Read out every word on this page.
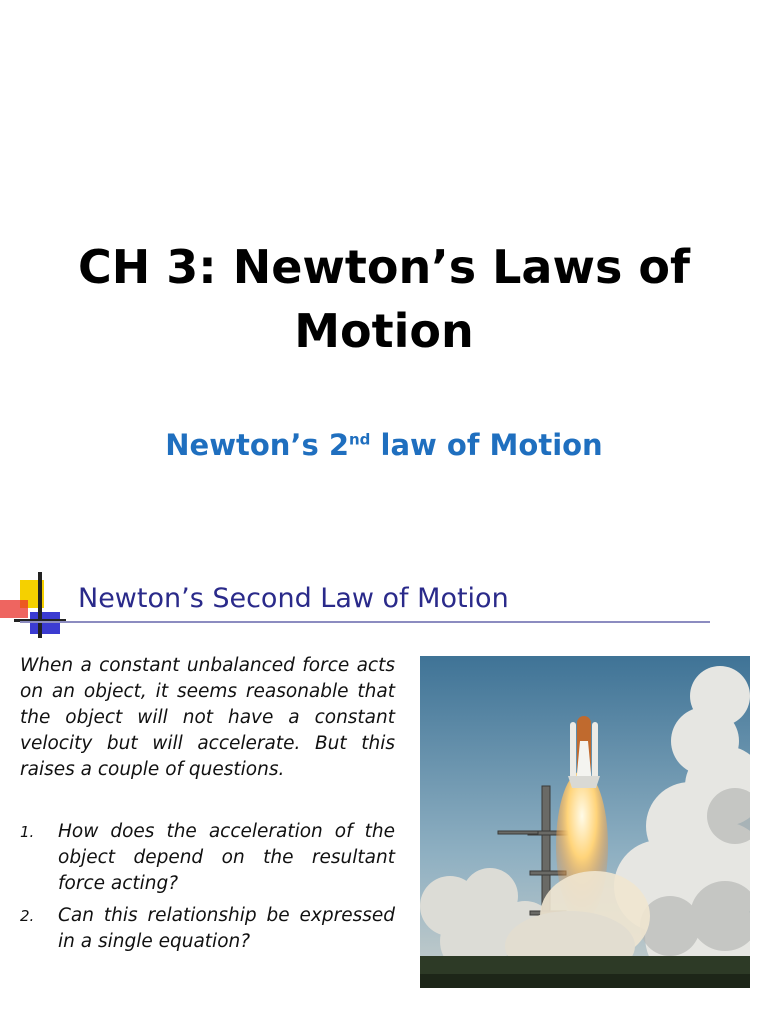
CH 3: Newton’s Laws of Motion
Newton’s 2nd law of Motion
Newton’s Second Law of Motion
When a constant unbalanced force acts on an object, it seems reasonable that the object will not have a constant velocity but will accelerate. But this raises a couple of questions.
1. How does the acceleration of the object depend on the resultant force acting?
2. Can this relationship be expressed in a single equation?
